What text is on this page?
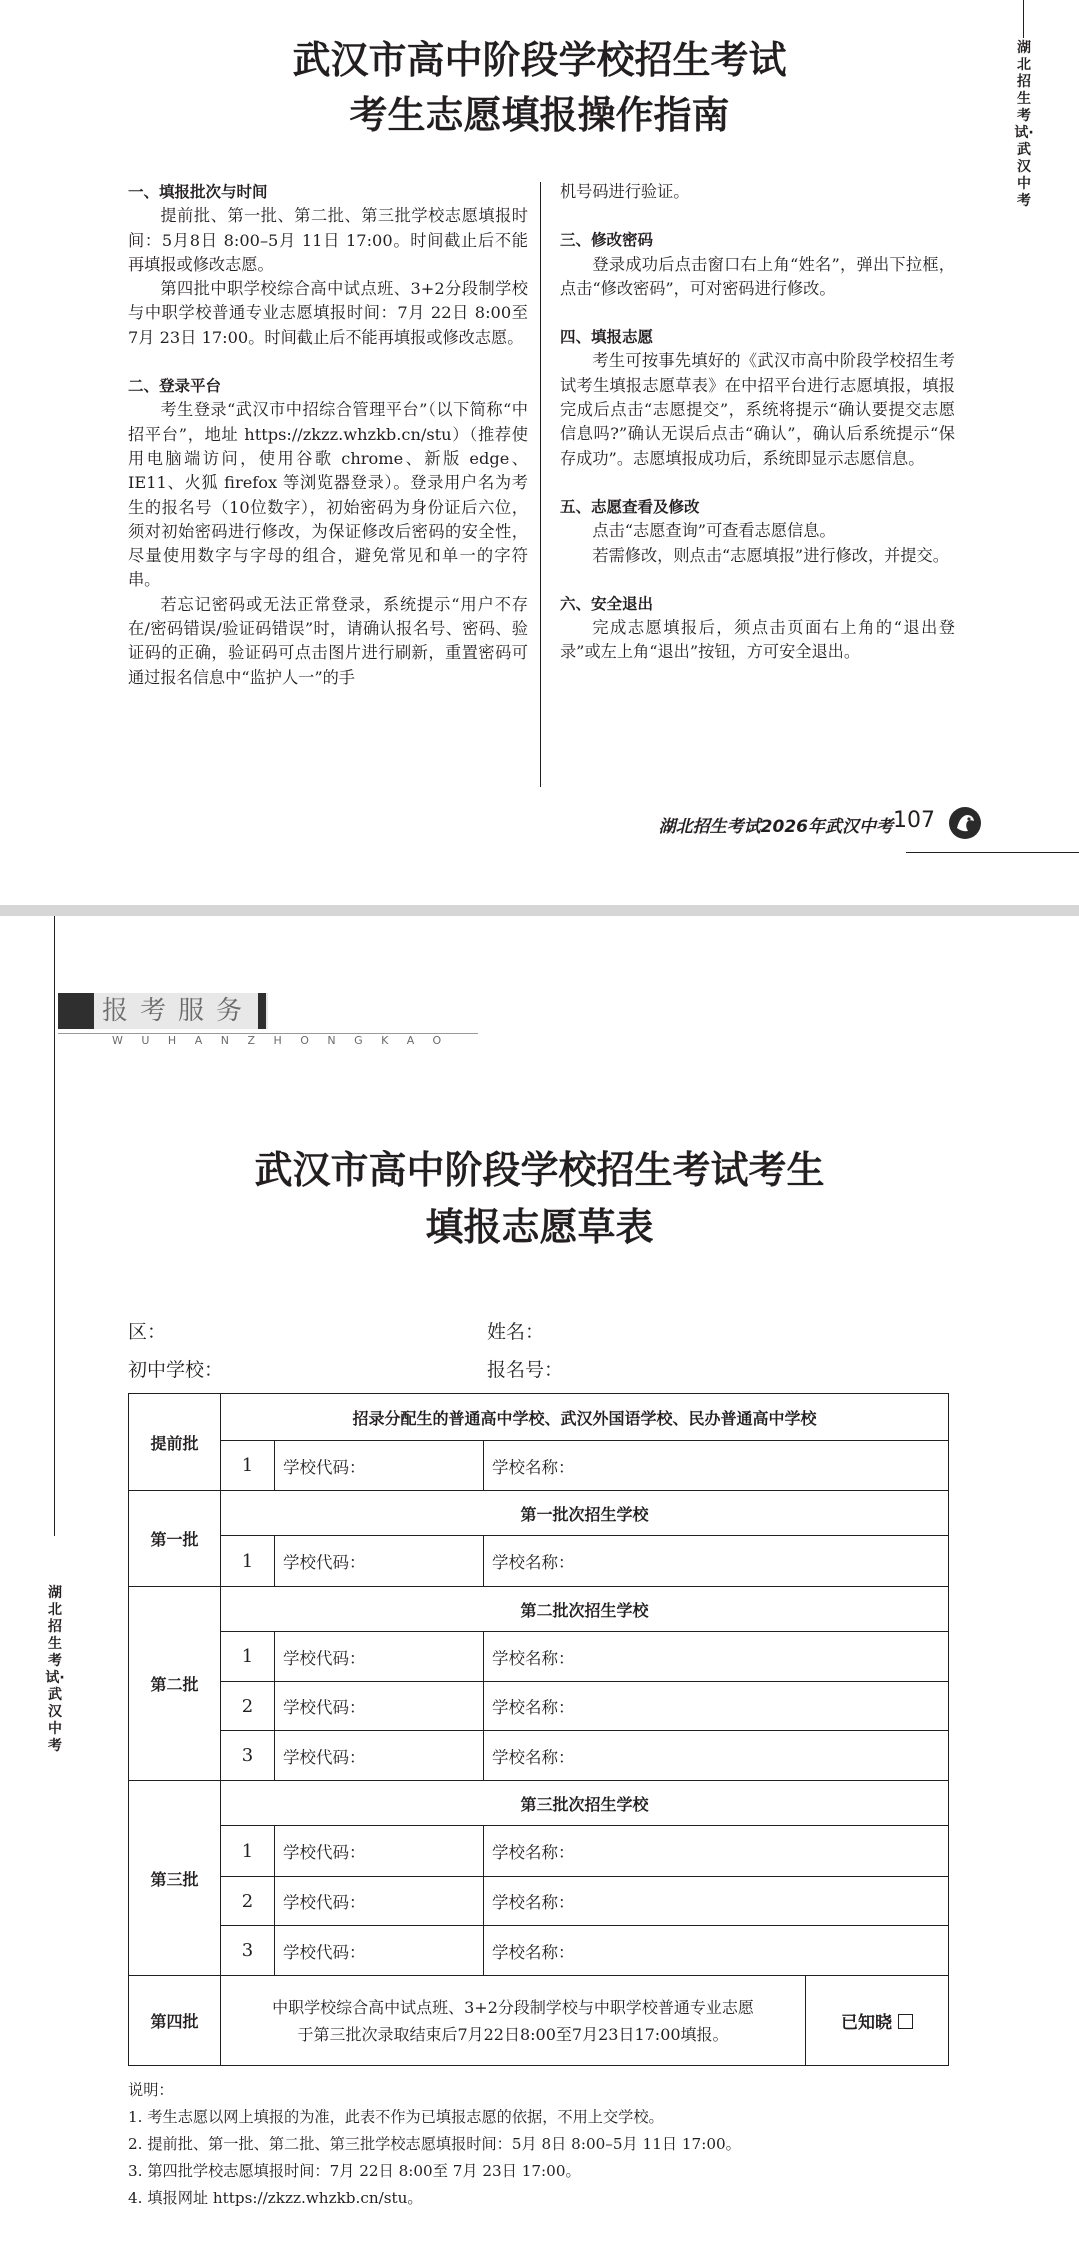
武汉市高中阶段学校招生考试
考生志愿填报操作指南
湖北招生考试·武汉中考
一、填报批次与时间

提前批、第一批、第二批、第三批学校志愿填报时间：5月8日 8:00–5月 11日 17:00。时间截止后不能再填报或修改志愿。

第四批中职学校综合高中试点班、3+2分段制学校与中职学校普通专业志愿填报时间：7月 22日 8:00至 7月 23日 17:00。时间截止后不能再填报或修改志愿。

二、登录平台

考生登录“武汉市中招综合管理平台”（以下简称“中招平台”，地址 https://zkzz.whzkb.cn/stu）（推荐使用电脑端访问，使用谷歌 chrome、新版 edge、IE11、火狐 firefox 等浏览器登录）。登录用户名为考生的报名号（10位数字），初始密码为身份证后六位，须对初始密码进行修改，为保证修改后密码的安全性，尽量使用数字与字母的组合，避免常见和单一的字符串。

若忘记密码或无法正常登录，系统提示“用户不存在/密码错误/验证码错误”时，请确认报名号、密码、验证码的正确，验证码可点击图片进行刷新，重置密码可通过报名信息中“监护人一”的手

机号码进行验证。

三、修改密码

登录成功后点击窗口右上角“姓名”，弹出下拉框，点击“修改密码”，可对密码进行修改。

四、填报志愿

考生可按事先填好的《武汉市高中阶段学校招生考试考生填报志愿草表》在中招平台进行志愿填报，填报完成后点击“志愿提交”，系统将提示“确认要提交志愿信息吗?”确认无误后点击“确认”，确认后系统提示“保存成功”。志愿填报成功后，系统即显示志愿信息。

五、志愿查看及修改

点击“志愿查询”可查看志愿信息。

若需修改，则点击“志愿填报”进行修改，并提交。

六、安全退出

完成志愿填报后，须点击页面右上角的“退出登录”或左上角“退出”按钮，方可安全退出。

湖北招生考试2026年武汉中考 107
报考服务
WUHANZHONGKAO
湖北招生考试·武汉中考
武汉市高中阶段学校招生考试考生
填报志愿草表
区：	姓名：
初中学校：	报名号：
提前批	招录分配生的普通高中学校、武汉外国语学校、民办普通高中学校			
	1	学校代码：	学校名称：	
第一批	第一批次招生学校			
	1	学校代码：	学校名称：	
第二批	第二批次招生学校			
	1	学校代码：	学校名称：	
	2	学校代码：	学校名称：	
	3	学校代码：	学校名称：	
第三批	第三批次招生学校			
	1	学校代码：	学校名称：	
	2	学校代码：	学校名称：	
	3	学校代码：	学校名称：	
第四批	中职学校综合高中试点班、3+2分段制学校与中职学校普通专业志愿
于第三批次录取结束后7月22日8:00至7月23日17:00填报。			已知晓
说明：
1. 考生志愿以网上填报的为准，此表不作为已填报志愿的依据，不用上交学校。
2. 提前批、第一批、第二批、第三批学校志愿填报时间：5月 8日 8:00–5月 11日 17:00。
3. 第四批学校志愿填报时间：7月 22日 8:00至 7月 23日 17:00。
4. 填报网址 https://zkzz.whzkb.cn/stu。
